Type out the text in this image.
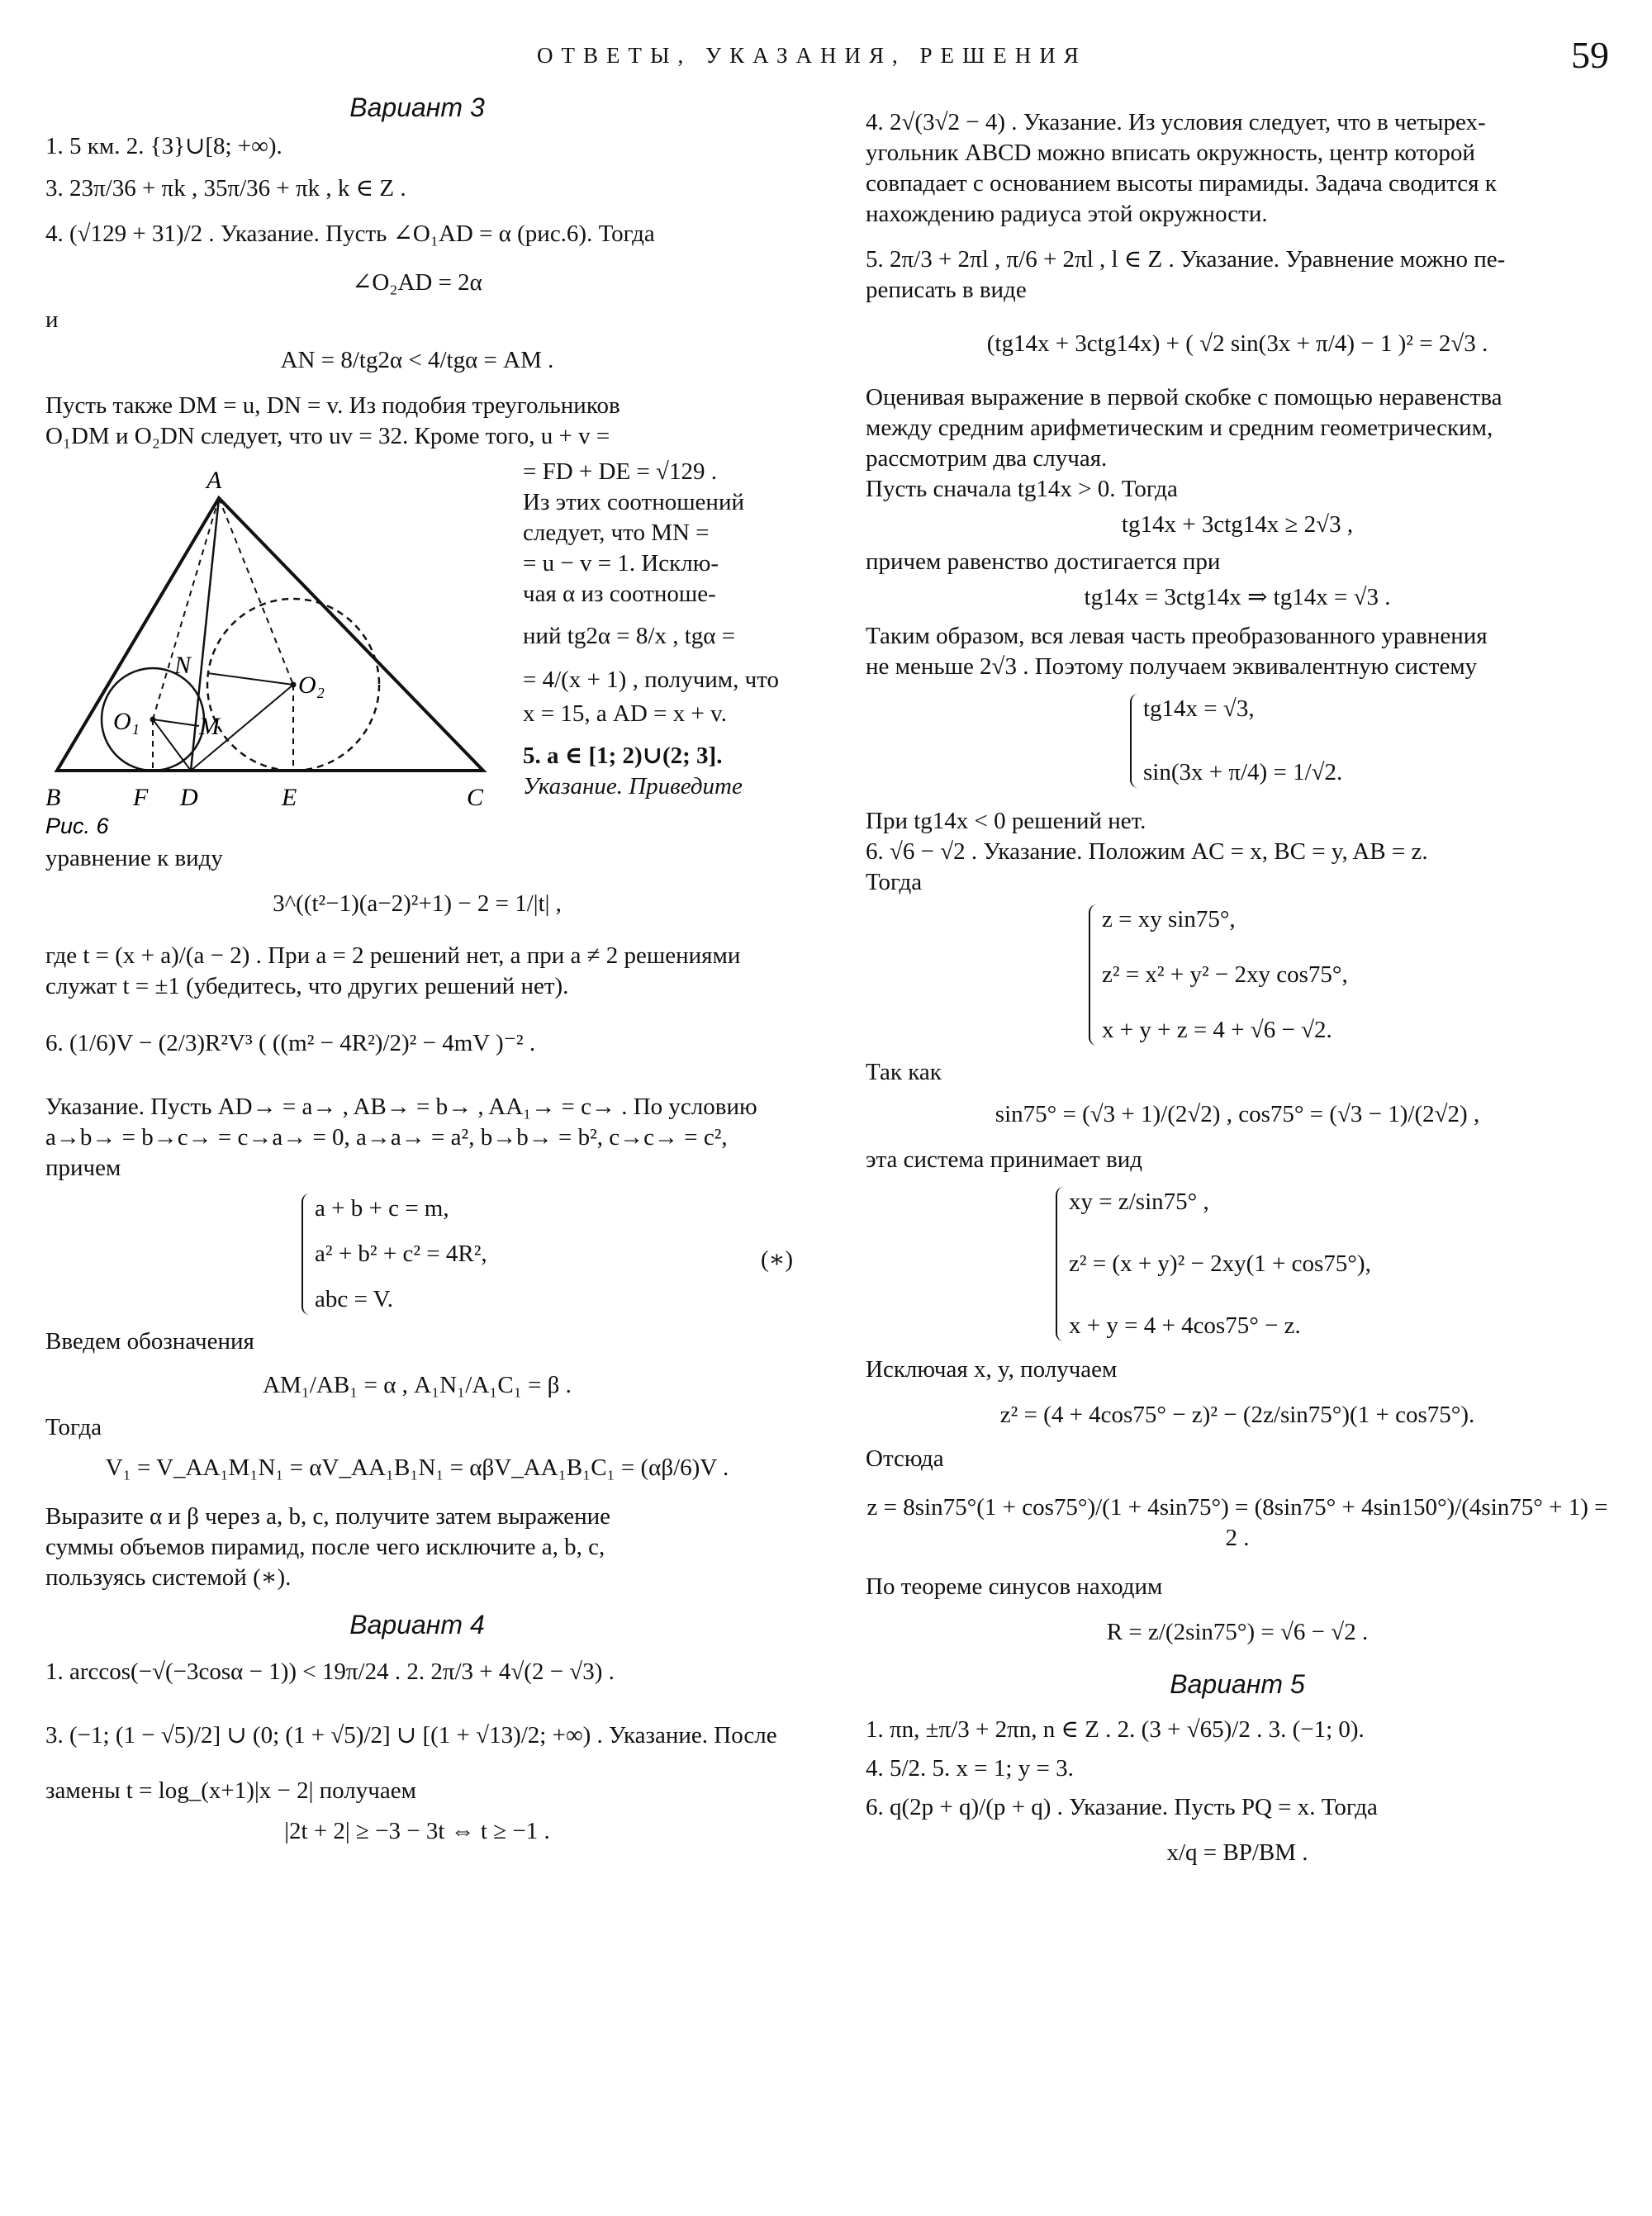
ОТВЕТЫ, УКАЗАНИЯ, РЕШЕНИЯ	59
Вариант 3

1. 5 км. 2. {3}∪[8; +∞).

3. 23π/36 + πk , 35π/36 + πk , k ∈ Z .

4. (√129 + 31)/2 . Указание. Пусть ∠O₁AD = α (рис.6). Тогда

∠O₂AD = 2α

и

AN = 8/tg2α < 4/tgα = AM .

Пусть также DM = u, DN = v. Из подобия треугольников

O₁DM и O₂DN следует, что uv = 32. Кроме того, u + v =

A
B	C
D	E
F
N
M
O₁
O₂
Рис. 6

= FD + DE = √129 .

Из этих соотношений

следует, что MN =

= u − v = 1. Исклю-

чая α из соотноше-

ний tg2α = 8/x , tgα =

= 4/(x + 1) , получим, что

x = 15, а AD = x + v.

5. a ∈ [1; 2)∪(2; 3].

Указание. Приведите

уравнение к виду

3^((t²−1)(a−2)²+1) − 2 = 1/|t| ,

где t = (x + a)/(a − 2) . При a = 2 решений нет, а при a ≠ 2 решениями

служат t = ±1 (убедитесь, что других решений нет).

6. (1/6)V − (2/3)R²V³ ( ((m² − 4R²)/2)² − 4mV )⁻² .

Указание. Пусть AD→ = a→ , AB→ = b→ , AA₁→ = c→ . По условию

a→b→ = b→c→ = c→a→ = 0, a→a→ = a², b→b→ = b², c→c→ = c², причем

a + b + c = m,

a² + b² + c² = 4R²,

abc = V.

(∗)

Введем обозначения

AM₁/AB₁ = α , A₁N₁/A₁C₁ = β .

Тогда

V₁ = V_AA₁M₁N₁ = αV_AA₁B₁N₁ = αβV_AA₁B₁C₁ = (αβ/6)V .

Выразите α и β через a, b, c, получите затем выражение

суммы объемов пирамид, после чего исключите a, b, c,

пользуясь системой (∗).

Вариант 4

1. arccos(−√(−3cosα − 1)) < 19π/24 . 2. 2π/3 + 4√(2 − √3) .

3. (−1; (1 − √5)/2] ∪ (0; (1 + √5)/2] ∪ [(1 + √13)/2; +∞) . Указание. После

замены t = log_(x+1)|x − 2| получаем

|2t + 2| ≥ −3 − 3t ⇔ t ≥ −1 .

4. 2√(3√2 − 4) . Указание. Из условия следует, что в четырех-

угольник ABCD можно вписать окружность, центр которой

совпадает с основанием высоты пирамиды. Задача сводится к

нахождению радиуса этой окружности.

5. 2π/3 + 2πl , π/6 + 2πl , l ∈ Z . Указание. Уравнение можно пе-

реписать в виде

(tg14x + 3ctg14x) + ( √2 sin(3x + π/4) − 1 )² = 2√3 .

Оценивая выражение в первой скобке с помощью неравенства

между средним арифметическим и средним геометрическим,

рассмотрим два случая.

Пусть сначала tg14x > 0. Тогда

tg14x + 3ctg14x ≥ 2√3 ,

причем равенство достигается при

tg14x = 3ctg14x ⇒ tg14x = √3 .

Таким образом, вся левая часть преобразованного уравнения

не меньше 2√3 . Поэтому получаем эквивалентную систему

tg14x = √3,

sin(3x + π/4) = 1/√2.

При tg14x < 0 решений нет.

6. √6 − √2 . Указание. Положим AC = x, BC = y, AB = z.

Тогда

z = xy sin75°,

z² = x² + y² − 2xy cos75°,

x + y + z = 4 + √6 − √2.

Так как

sin75° = (√3 + 1)/(2√2) , cos75° = (√3 − 1)/(2√2) ,

эта система принимает вид

xy = z/sin75° ,

z² = (x + y)² − 2xy(1 + cos75°),

x + y = 4 + 4cos75° − z.

Исключая x, y, получаем

z² = (4 + 4cos75° − z)² − (2z/sin75°)(1 + cos75°).

Отсюда

z = 8sin75°(1 + cos75°)/(1 + 4sin75°) = (8sin75° + 4sin150°)/(4sin75° + 1) = 2 .

По теореме синусов находим

R = z/(2sin75°) = √6 − √2 .

Вариант 5

1. πn, ±π/3 + 2πn, n ∈ Z . 2. (3 + √65)/2 . 3. (−1; 0).

4. 5/2. 5. x = 1; y = 3.

6. q(2p + q)/(p + q) . Указание. Пусть PQ = x. Тогда

x/q = BP/BM .
